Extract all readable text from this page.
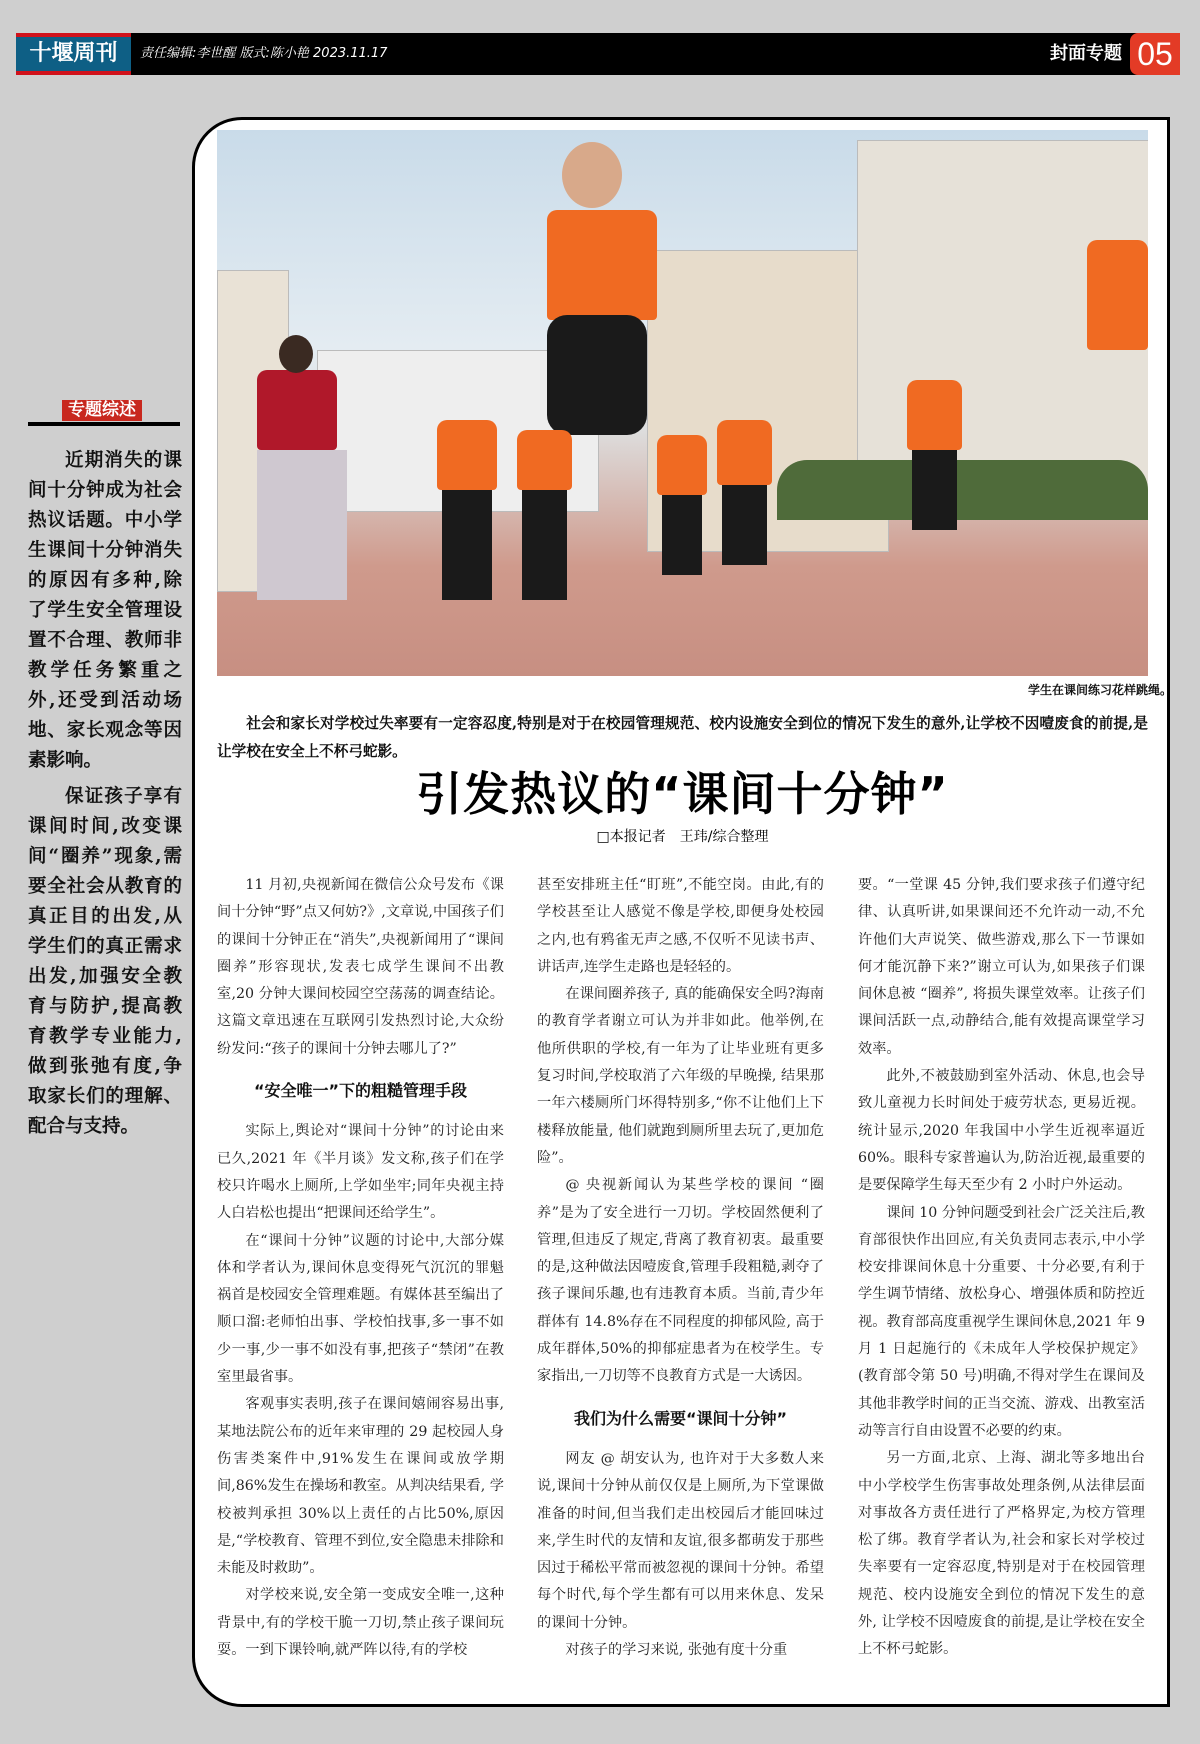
十堰周刊	责任编辑:李世醒 版式:陈小艳 2023.11.17	封面专题 05
专题综述

近期消失的课间十分钟成为社会热议话题。中小学生课间十分钟消失的原因有多种,除了学生安全管理设置不合理、教师非教学任务繁重之外,还受到活动场地、家长观念等因素影响。

保证孩子享有课间时间,改变课间“圈养”现象,需要全社会从教育的真正目的出发,从学生们的真正需求出发,加强安全教育与防护,提高教育教学专业能力,做到张弛有度,争取家长们的理解、配合与支持。

学生在课间练习花样跳绳。
社会和家长对学校过失率要有一定容忍度,特别是对于在校园管理规范、校内设施安全到位的情况下发生的意外,让学校不因噎废食的前提,是让学校在安全上不杯弓蛇影。
引发热议的“课间十分钟”
□本报记者　王玮/综合整理

11 月初,央视新闻在微信公众号发布《课间十分钟“野”点又何妨?》,文章说,中国孩子们的课间十分钟正在“消失”,央视新闻用了“课间圈养”形容现状,发表七成学生课间不出教室,20 分钟大课间校园空空荡荡的调查结论。 这篇文章迅速在互联网引发热烈讨论,大众纷纷发问:“孩子的课间十分钟去哪儿了?”

“安全唯一”下的粗糙管理手段

实际上,舆论对“课间十分钟”的讨论由来已久,2021 年《半月谈》发文称,孩子们在学校只许喝水上厕所,上学如坐牢;同年央视主持人白岩松也提出“把课间还给学生”。

在“课间十分钟”议题的讨论中,大部分媒体和学者认为,课间休息变得死气沉沉的罪魁祸首是校园安全管理难题。有媒体甚至编出了顺口溜:老师怕出事、学校怕找事,多一事不如少一事,少一事不如没有事,把孩子“禁闭”在教室里最省事。

客观事实表明,孩子在课间嬉闹容易出事, 某地法院公布的近年来审理的 29 起校园人身伤害类案件中,91%发生在课间或放学期间,86%发生在操场和教室。从判决结果看, 学校被判承担 30%以上责任的占比50%,原因是,“学校教育、管理不到位,安全隐患未排除和未能及时救助”。

对学校来说,安全第一变成安全唯一,这种背景中,有的学校干脆一刀切,禁止孩子课间玩耍。一到下课铃响,就严阵以待,有的学校

甚至安排班主任“盯班”,不能空岗。由此,有的学校甚至让人感觉不像是学校,即便身处校园之内,也有鸦雀无声之感,不仅听不见读书声、讲话声,连学生走路也是轻轻的。

在课间圈养孩子, 真的能确保安全吗?海南的教育学者谢立可认为并非如此。他举例,在他所供职的学校,有一年为了让毕业班有更多复习时间,学校取消了六年级的早晚操, 结果那一年六楼厕所门坏得特别多,“你不让他们上下楼释放能量, 他们就跑到厕所里去玩了,更加危险”。

@ 央视新闻认为某些学校的课间 “圈养”是为了安全进行一刀切。学校固然便利了管理,但违反了规定,背离了教育初衷。最重要的是,这种做法因噎废食,管理手段粗糙,剥夺了孩子课间乐趣,也有违教育本质。当前,青少年群体有 14.8%存在不同程度的抑郁风险, 高于成年群体,50%的抑郁症患者为在校学生。专家指出,一刀切等不良教育方式是一大诱因。

我们为什么需要“课间十分钟”

网友 @ 胡安认为, 也许对于大多数人来说,课间十分钟从前仅仅是上厕所,为下堂课做准备的时间,但当我们走出校园后才能回味过来,学生时代的友情和友谊,很多都萌发于那些因过于稀松平常而被忽视的课间十分钟。希望每个时代,每个学生都有可以用来休息、发呆的课间十分钟。

对孩子的学习来说, 张弛有度十分重

要。“一堂课 45 分钟,我们要求孩子们遵守纪律、认真听讲,如果课间还不允许动一动,不允许他们大声说笑、做些游戏,那么下一节课如何才能沉静下来?”谢立可认为,如果孩子们课间休息被 “圈养”, 将损失课堂效率。让孩子们课间活跃一点,动静结合,能有效提高课堂学习效率。

此外,不被鼓励到室外活动、休息,也会导致儿童视力长时间处于疲劳状态, 更易近视。统计显示,2020 年我国中小学生近视率逼近60%。眼科专家普遍认为,防治近视,最重要的是要保障学生每天至少有 2 小时户外运动。

课间 10 分钟问题受到社会广泛关注后,教育部很快作出回应,有关负责同志表示,中小学校安排课间休息十分重要、十分必要,有利于学生调节情绪、放松身心、增强体质和防控近视。教育部高度重视学生课间休息,2021 年 9 月 1 日起施行的《未成年人学校保护规定》(教育部令第 50 号)明确,不得对学生在课间及其他非教学时间的正当交流、游戏、出教室活动等言行自由设置不必要的约束。

另一方面,北京、上海、湖北等多地出台中小学校学生伤害事故处理条例,从法律层面对事故各方责任进行了严格界定,为校方管理松了绑。教育学者认为,社会和家长对学校过失率要有一定容忍度,特别是对于在校园管理规范、校内设施安全到位的情况下发生的意外, 让学校不因噎废食的前提,是让学校在安全上不杯弓蛇影。
